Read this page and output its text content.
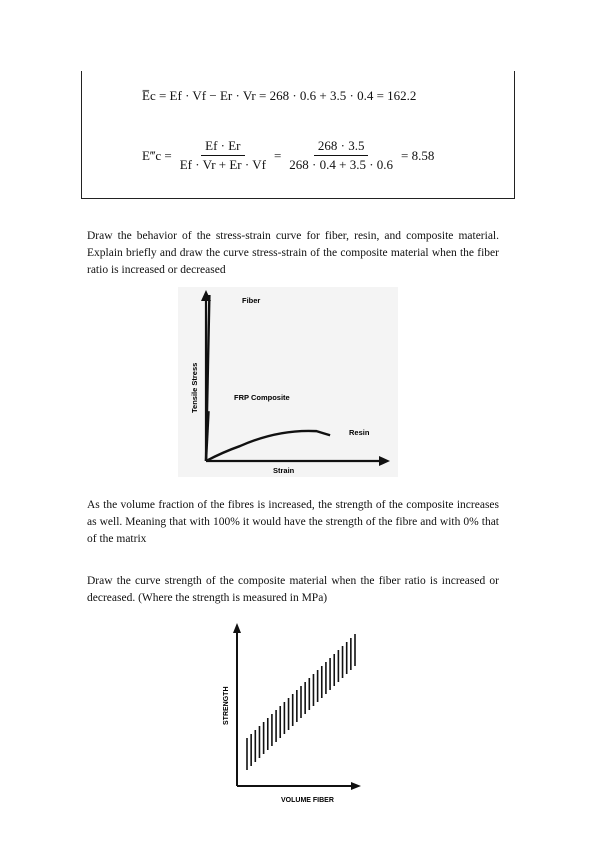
E̅c = Ef · Vf − Er · Vr = 268 · 0.6 + 3.5 · 0.4 = 162.2
E‴c = $\frac{Ef \cdot Er}{Ef \cdot Vr + Er \cdot Vf} = \frac{268 \cdot 3.5}{268 \cdot 0.4 + 3.5 \cdot 0.6} = 8.58$

Draw the behavior of the stress-strain curve for fiber, resin, and composite material. Explain briefly and draw the curve stress-strain of the composite material when the fiber ratio is increased or decreased

Fiber
FRP Composite
Resin
Strain
Tensile Stress

As the volume fraction of the fibres is increased, the strength of the composite increases as well. Meaning that with 100% it would have the strength of the fibre and with 0% that of the matrix

Draw the curve strength of the composite material when the fiber ratio is increased or decreased. (Where the strength is measured in MPa)

VOLUME FIBER
STRENGTH
